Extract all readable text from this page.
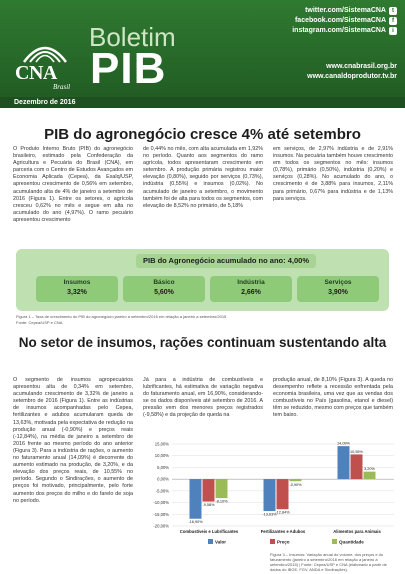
CNA
Brasil
Boletim
PIB
Dezembro de 2016
twitter.com/SistemaCNA	t
facebook.com/SistemaCNA	f
instagram.com/SistemaCNA	i
www.cnabrasil.org.br
www.canaldoprodutor.tv.br
PIB do agronegócio cresce 4% até setembro

O Produto Interno Bruto (PIB) do agronegócio brasileiro, estimado pela Confederação da Agricultura e Pecuária do Brasil (CNA), em parceria com o Centro de Estudos Avançados em Economia Aplicada (Cepea), da Esalq/USP, apresentou crescimento de 0,56% em setembro, acumulando alta de 4% de janeiro a setembro de 2016 (Figura 1). Entre os setores, o agrícola cresceu 0,62% no mês e segue em alta no acumulado do ano (4,97%). O ramo pecuário apresentou crescimento

de 0,44% no mês, com alta acumulada em 1,92% no período. Quanto aos segmentos do ramo agrícola, todos apresentaram crescimento em setembro. A produção primária registrou maior elevação (0,80%), seguido por serviços (0,73%), indústria (0,55%) e insumos (0,02%). No acumulado de janeiro a setembro, o movimento também foi de alta para todos os segmentos, com elevação de 8,52% no primário, de 5,18%

em serviços, de 2,97% indústria e de 2,91% insumos. Na pecuária também houve crescimento em todos os segmentos no mês: insumos (0,78%), primário (0,50%), indústria (0,20%) e serviços (0,28%). No acumulado do ano, o crescimento é de 3,88% para insumos, 2,11% para primário, 0,67% para indústria e de 1,13% para serviços.

PIB do Agronegócio acumulado no ano: 4,00%
Insumos
3,32%
Básico
5,60%
Indústria
2,66%
Serviços
3,90%
Figura 1 – Taxa de crescimento do PIB do agronegócio janeiro a setembro/2016 em relação a janeiro a setembro/2015
Fonte: Cepea/USP e CNA
No setor de insumos, rações continuam sustentando alta

O segmento de insumos agropecuários apresentou alta de 0,34% em setembro, acumulando crescimento de 3,32% de janeiro a setembro de 2016 (Figura 1). Entre as indústrias de insumos acompanhadas pelo Cepea, fertilizantes e adubos acumularam queda de 13,63%, motivada pela expectativa de redução na produção anual (-0,90%) e preços reais (-12,84%), na média de janeiro a setembro de 2016 frente ao mesmo período do ano anterior (Figura 3). Para a indústria de rações, o aumento no faturamento anual (14,09%) é decorrente do aumento estimado na produção, de 3,20%, e da elevação dos preços reais, de 10,55% no período. Segundo o Sindirações, o aumento de preços foi motivado, principalmente, pelo forte aumento dos preços do milho e do farelo de soja no período.

Já para a indústria de combustíveis e lubrificantes, há estimativa de variação negativa do faturamento anual, em 16,90%, considerando-se os dados disponíveis até setembro de 2016. A pressão vem dos menores preços registrados (-9,58%) e da projeção de queda na

produção anual, de 8,10% (Figura 3). A queda no desempenho reflete a recessão enfrentada pela economia brasileira, uma vez que as vendas dos combustíveis no País (gasolina, etanol e diesel) têm se reduzido, mesmo com preços que também tem baixo.

15,00%
10,00%
5,00%
0,00%
-5,00%
-10,00%
-15,00%
-20,00%
-16,90%
-9,58%
-8,10%
Combustíveis e Lubrificantes
-13,63%
-12,84%
-0,90%
Fertilizantes e Adubos
14,09%
10,55%
3,20%
Alimentos para Animais
Valor	Preço	Quantidade
Figura 3 – Insumos: Variação anual do volume, dos preços e do faturamento (janeiro a setembro/2016 em relação a janeiro a setembro/2015) | Fonte: Cepea/USP e CNA (elaborado a partir de dados do IBGE, FGV, ANDA e Sindirações).
